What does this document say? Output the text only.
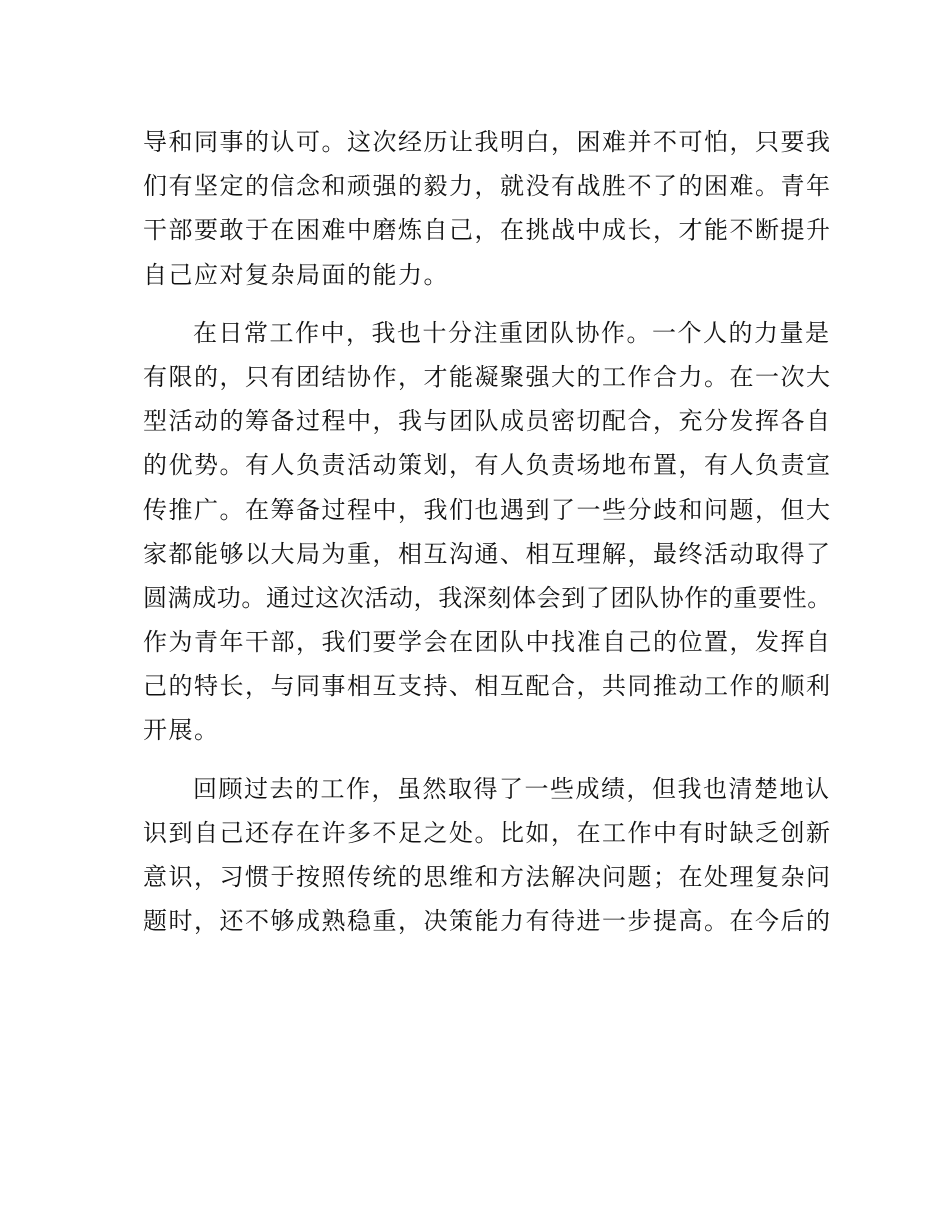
导和同事的认可。这次经历让我明白，困难并不可怕，只要我
们有坚定的信念和顽强的毅力，就没有战胜不了的困难。青年
干部要敢于在困难中磨炼自己，在挑战中成长，才能不断提升
自己应对复杂局面的能力。
在日常工作中，我也十分注重团队协作。一个人的力量是
有限的，只有团结协作，才能凝聚强大的工作合力。在一次大
型活动的筹备过程中，我与团队成员密切配合，充分发挥各自
的优势。有人负责活动策划，有人负责场地布置，有人负责宣
传推广。在筹备过程中，我们也遇到了一些分歧和问题，但大
家都能够以大局为重，相互沟通、相互理解，最终活动取得了
圆满成功。通过这次活动，我深刻体会到了团队协作的重要性。
作为青年干部，我们要学会在团队中找准自己的位置，发挥自
己的特长，与同事相互支持、相互配合，共同推动工作的顺利
开展。
回顾过去的工作，虽然取得了一些成绩，但我也清楚地认
识到自己还存在许多不足之处。比如，在工作中有时缺乏创新
意识，习惯于按照传统的思维和方法解决问题；在处理复杂问
题时，还不够成熟稳重，决策能力有待进一步提高。在今后的
